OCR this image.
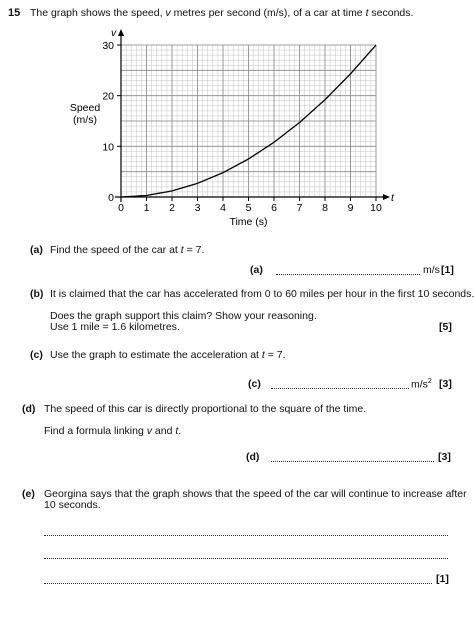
15 The graph shows the speed, v metres per second (m/s), of a car at time t seconds.
0 1 2 3 4 5 6 7 8 9 10
0
10
20
30
v
t
Time (s)
Speed
(m/s)
(a) Find the speed of the car at t = 7.
(a)	m/s [1]
(b) It is claimed that the car has accelerated from 0 to 60 miles per hour in the first 10 seconds.
Does the graph support this claim? Show your reasoning.
Use 1 mile = 1.6 kilometres.	[5]
(c) Use the graph to estimate the acceleration at t = 7.
(c)	$m/s^2$ [3]
(d) The speed of this car is directly proportional to the square of the time.
Find a formula linking v and t.
(d)	[3]
(e) Georgina says that the graph shows that the speed of the car will continue to increase after
10 seconds.
[1]
